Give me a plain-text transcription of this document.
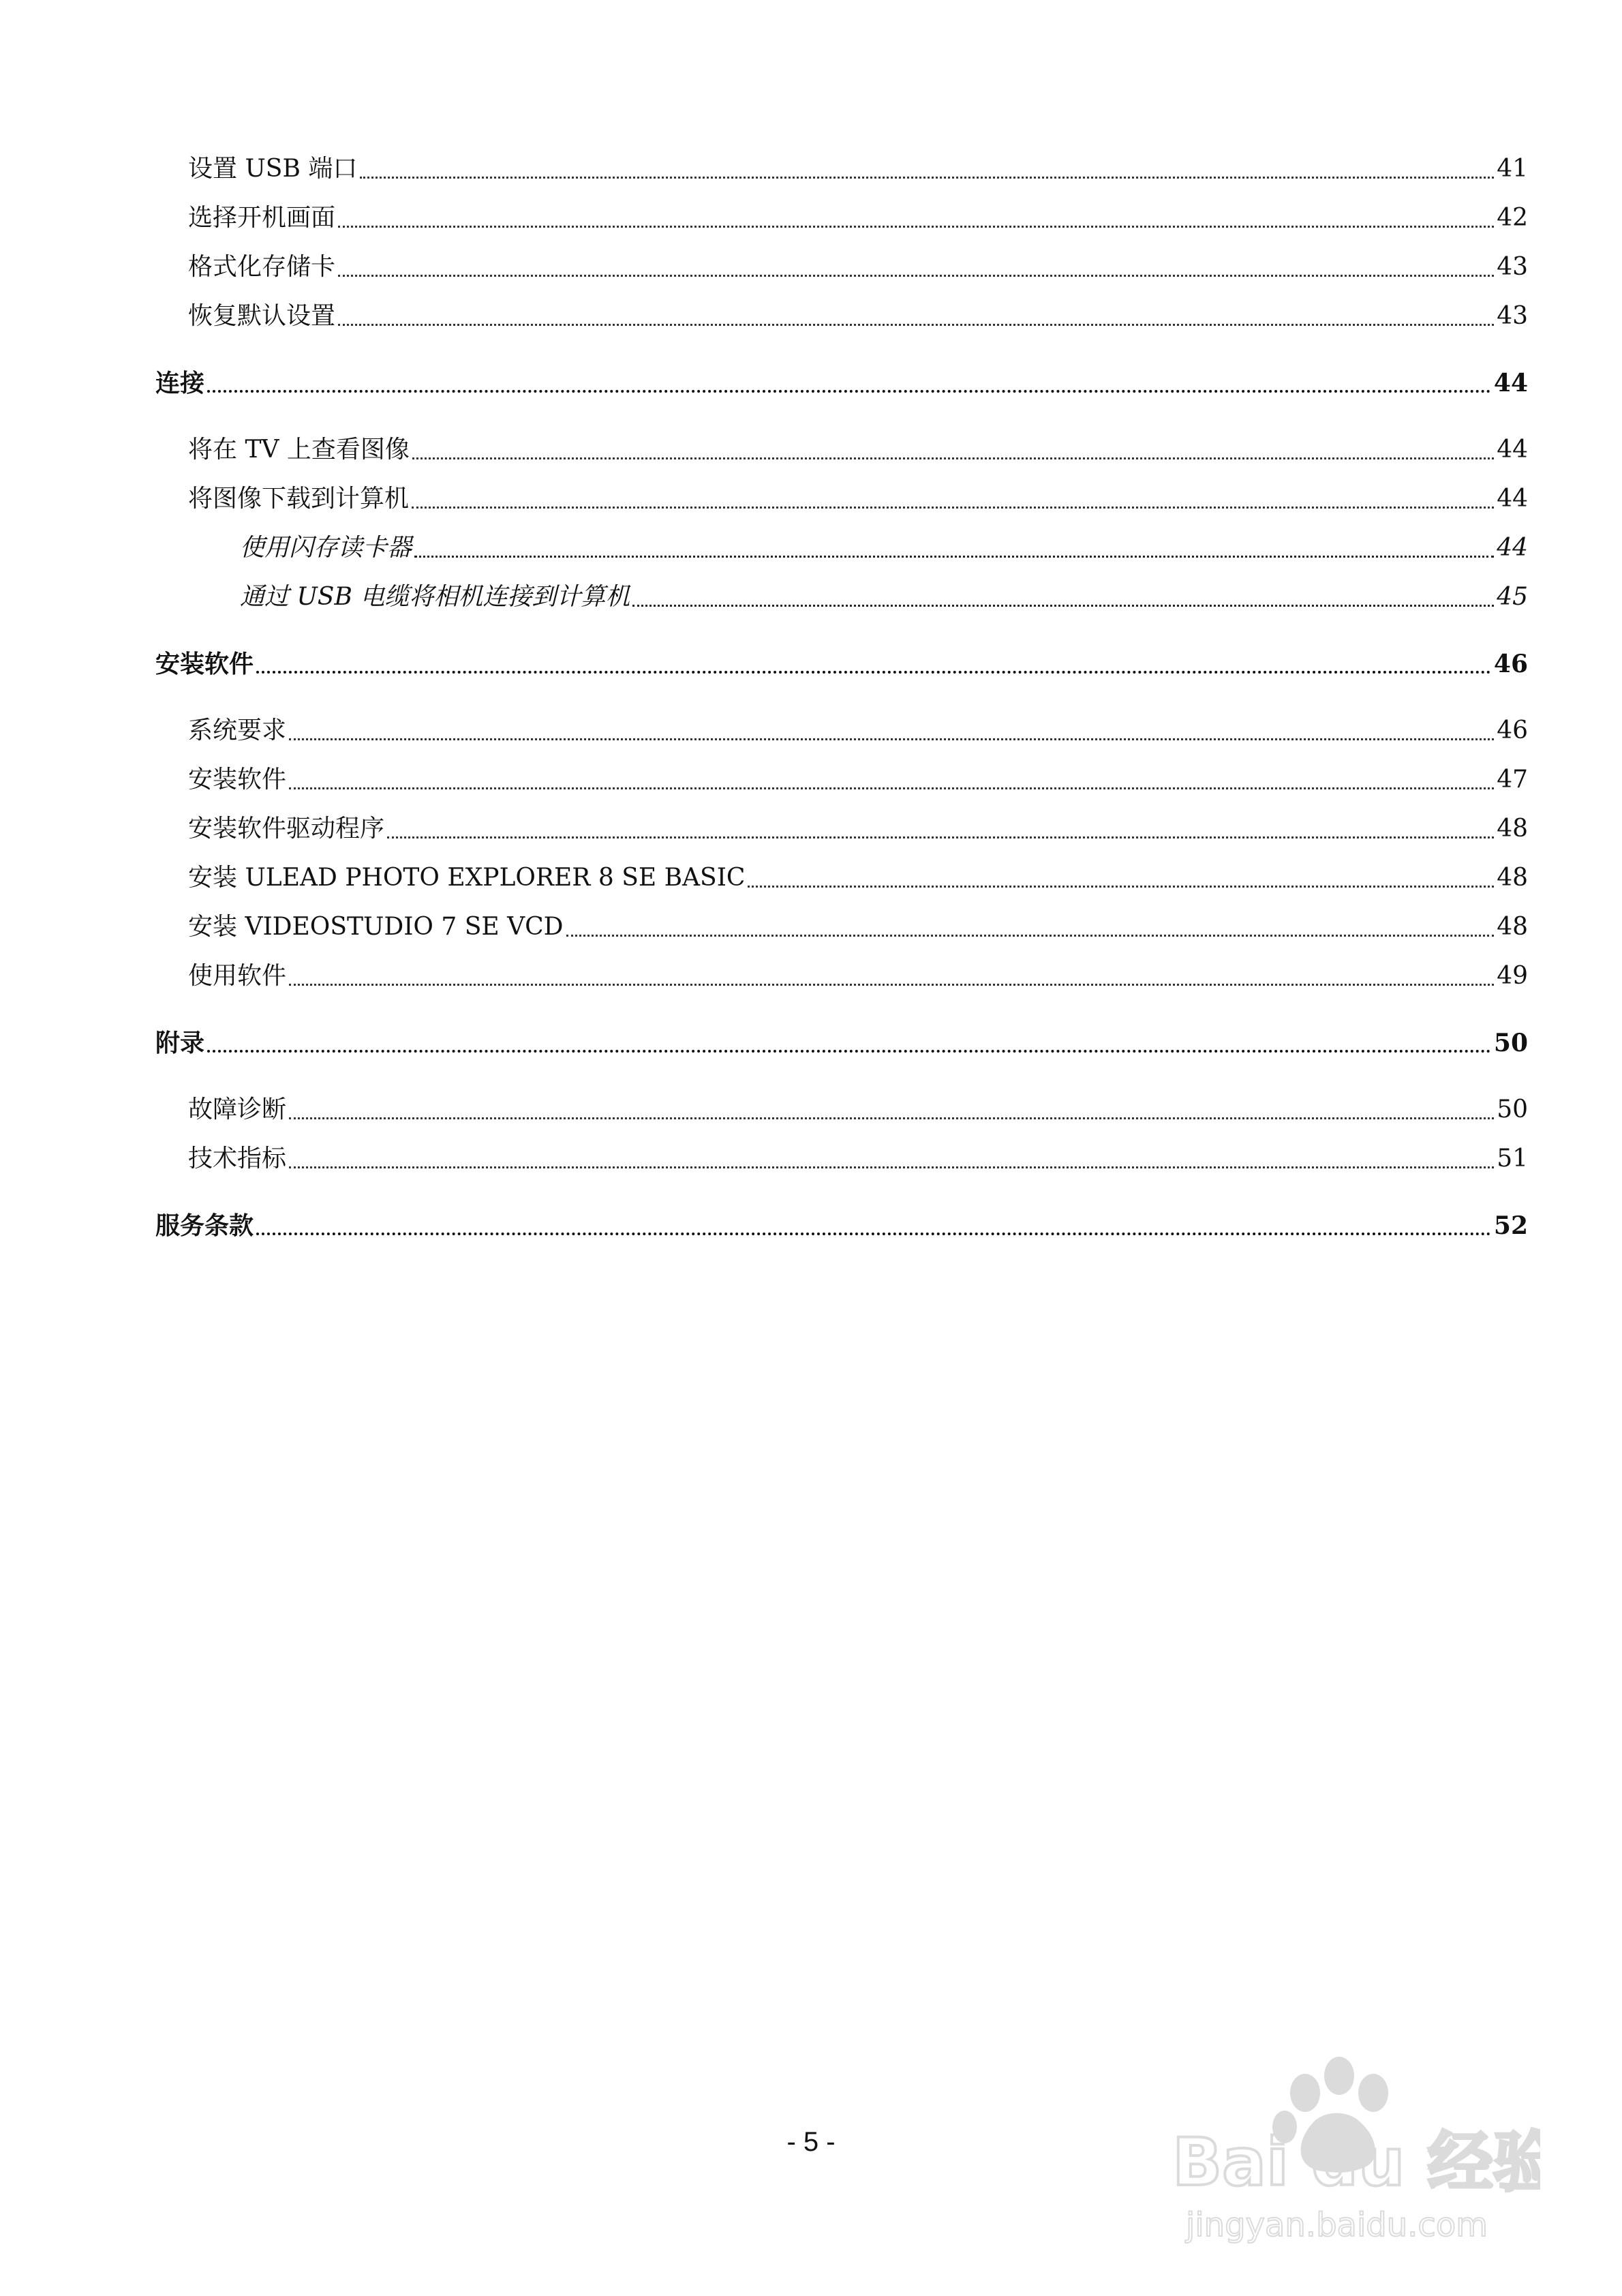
设置 USB 端口	41
选择开机画面	42
格式化存储卡	43
恢复默认设置	43
连接	44
将在 TV 上查看图像	44
将图像下载到计算机	44
使用闪存读卡器	44
通过 USB 电缆将相机连接到计算机	45
安装软件	46
系统要求	46
安装软件	47
安装软件驱动程序	48
安装 ULEAD PHOTO EXPLORER 8 SE BASIC	48
安装 VIDEOSTUDIO 7 SE VCD	48
使用软件	49
附录	50
故障诊断	50
技术指标	51
服务条款	52
- 5 -	Bai du 经验
jingyan.baidu.com
